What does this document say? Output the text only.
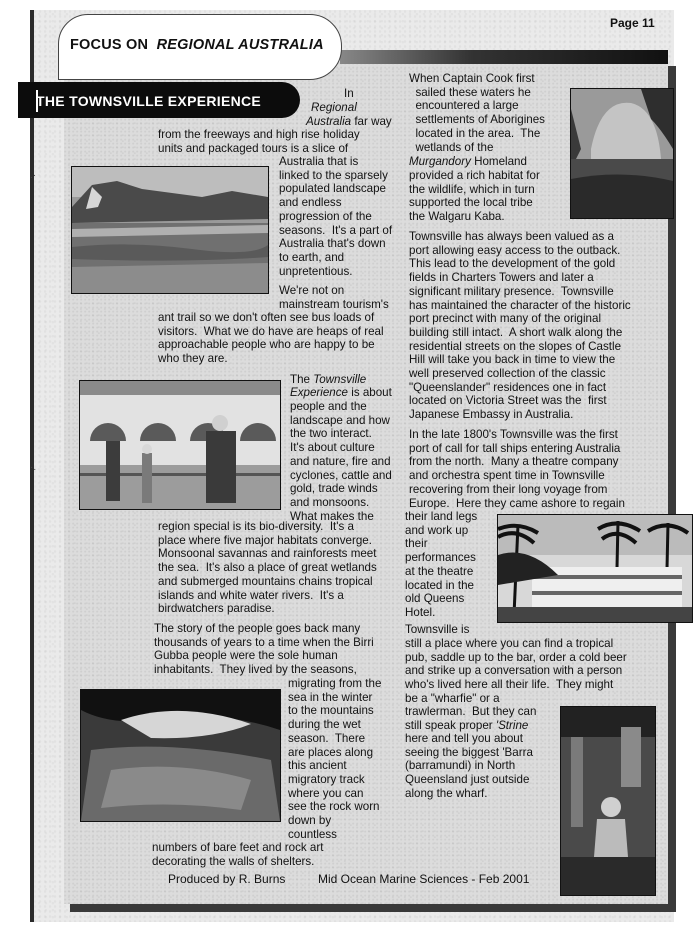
FOCUS ON REGIONAL AUSTRALIA
Page 11
THE TOWNSVILLE EXPERIENCE
.·
·.
·
In
Regional
Australia far way
from the freeways and high rise holiday
units and packaged tours is a slice of
Australia that is
linked to the sparsely
populated landscape
and endless
progression of the
seasons.  It's a part of
Australia that's down
to earth, and
unpretentious.
We're not on
mainstream tourism's
ant trail so we don't often see bus loads of
visitors.  What we do have are heaps of real
approachable people who are happy to be
who they are.
The Townsville
Experience is about
people and the
landscape and how
the two interact.
It's about culture
and nature, fire and
cyclones, cattle and
gold, trade winds
and monsoons.
What makes the
region special is its bio-diversity.  It's a
place where five major habitats converge.
Monsoonal savannas and rainforests meet
the sea.  It's also a place of great wetlands
and submerged mountains chains tropical
islands and white water rivers.  It's a
birdwatchers paradise.
The story of the people goes back many
thousands of years to a time when the Birri
Gubba people were the sole human
inhabitants.  They lived by the seasons,
migrating from the
sea in the winter
to the mountains
during the wet
season.  There
are places along
this ancient
migratory track
where you can
see the rock worn
down by
countless
numbers of bare feet and rock art
decorating the walls of shelters.
When Captain Cook first
sailed these waters he
encountered a large
settlements of Aborigines
located in the area.  The
wetlands of the
Murgandory Homeland
provided a rich habitat for
the wildlife, which in turn
supported the local tribe
the Walgaru Kaba.
Townsville has always been valued as a
port allowing easy access to the outback.
This lead to the development of the gold
fields in Charters Towers and later a
significant military presence.  Townsville
has maintained the character of the historic
port precinct with many of the original
building still intact.  A short walk along the
residential streets on the slopes of Castle
Hill will take you back in time to view the
well preserved collection of the classic
"Queenslander" residences one in fact
located on Victoria Street was the  first
Japanese Embassy in Australia.
In the late 1800's Townsville was the first
port of call for tall ships entering Australia
from the north.  Many a theatre company
and orchestra spent time in Townsville
recovering from their long voyage from
Europe.  Here they came ashore to regain
their land legs
and work up
their
performances
at the theatre
located in the
old Queens
Hotel.
Townsville is
still a place where you can find a tropical
pub, saddle up to the bar, order a cold beer
and strike up a conversation with a person
who's lived here all their life.  They might
be a "wharfie" or a
trawlerman.  But they can
still speak proper 'Strine
here and tell you about
seeing the biggest 'Barra
(barramundi) in North
Queensland just outside
along the wharf.
Produced by R. Burns	Mid Ocean Marine Sciences - Feb 2001
